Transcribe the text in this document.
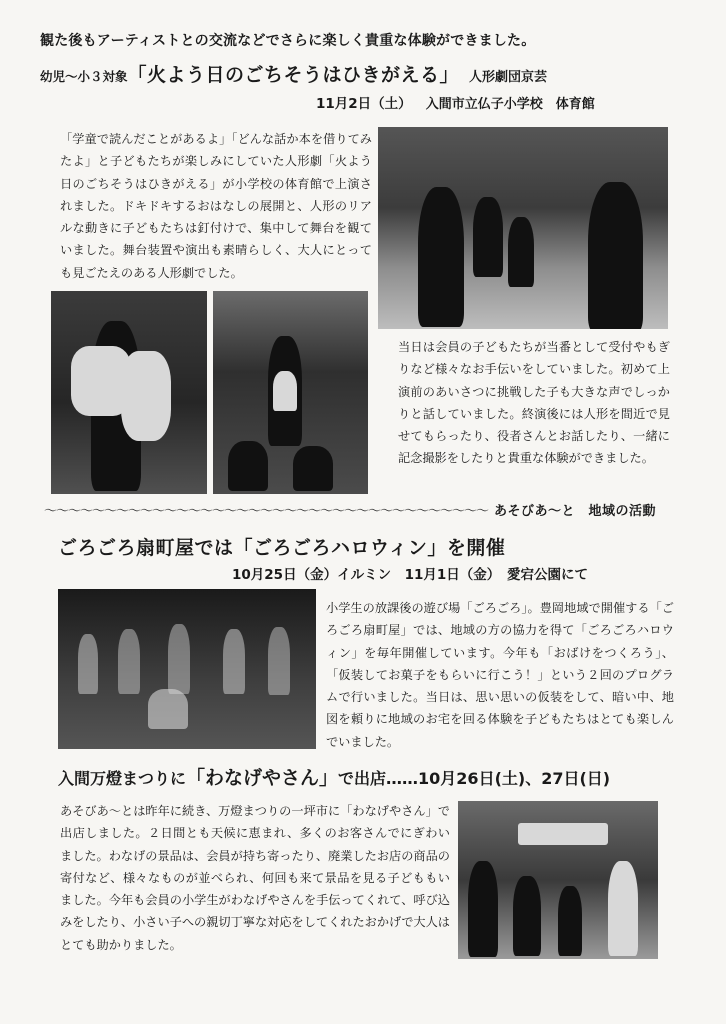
観た後もアーティストとの交流などでさらに楽しく貴重な体験ができました。
幼児～小３対象「火よう日のごちそうはひきがえる」 人形劇団京芸
11月2日（土） 入間市立仏子小学校　体育館
「学童で読んだことがあるよ」「どんな話か本を借りてみたよ」と子どもたちが楽しみにしていた人形劇「火よう日のごちそうはひきがえる」が小学校の体育館で上演されました。ドキドキするおはなしの展開と、人形のリアルな動きに子どもたちは釘付けで、集中して舞台を観ていました。舞台装置や演出も素晴らしく、大人にとっても見ごたえのある人形劇でした。
当日は会員の子どもたちが当番として受付やもぎりなど様々なお手伝いをしていました。初めて上演前のあいさつに挑戦した子も大きな声でしっかりと話していました。終演後には人形を間近で見せてもらったり、役者さんとお話したり、一緒に記念撮影をしたりと貴重な体験ができました。
～～～～～～～～～～～～～～～～～～～～～～～～～～～～～～～～～～～～～ あそびあ～と　地域の活動
ごろごろ扇町屋では「ごろごろハロウィン」を開催
10月25日（金）イルミン　11月1日（金）　愛宕公園にて
小学生の放課後の遊び場「ごろごろ」。豊岡地域で開催する「ごろごろ扇町屋」では、地域の方の協力を得て「ごろごろハロウィン」を毎年開催しています。今年も「おばけをつくろう」、「仮装してお菓子をもらいに行こう！」という２回のプログラムで行いました。当日は、思い思いの仮装をして、暗い中、地図を頼りに地域のお宅を回る体験を子どもたちはとても楽しんでいました。
入間万燈まつりに「わなげやさん」で出店……10月26日(土)、27日(日)
あそびあ～とは昨年に続き、万燈まつりの一坪市に「わなげやさん」で出店しました。２日間とも天候に恵まれ、多くのお客さんでにぎわいました。わなげの景品は、会員が持ち寄ったり、廃業したお店の商品の寄付など、様々なものが並べられ、何回も来て景品を見る子どももいました。今年も会員の小学生がわなげやさんを手伝ってくれて、呼び込みをしたり、小さい子への親切丁寧な対応をしてくれたおかげで大人はとても助かりました。
